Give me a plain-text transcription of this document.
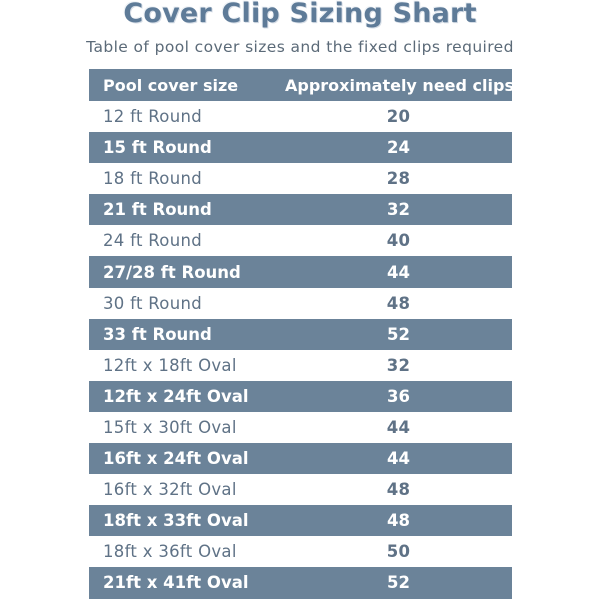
Cover Clip Sizing Shart

Table of pool cover sizes and the fixed clips required

Pool cover size	Approximately need clips
12 ft Round	20
15 ft Round	24
18 ft Round	28
21 ft Round	32
24 ft Round	40
27/28 ft Round	44
30 ft Round	48
33 ft Round	52
12ft x 18ft Oval	32
12ft x 24ft Oval	36
15ft x 30ft Oval	44
16ft x 24ft Oval	44
16ft x 32ft Oval	48
18ft x 33ft Oval	48
18ft x 36ft Oval	50
21ft x 41ft Oval	52
